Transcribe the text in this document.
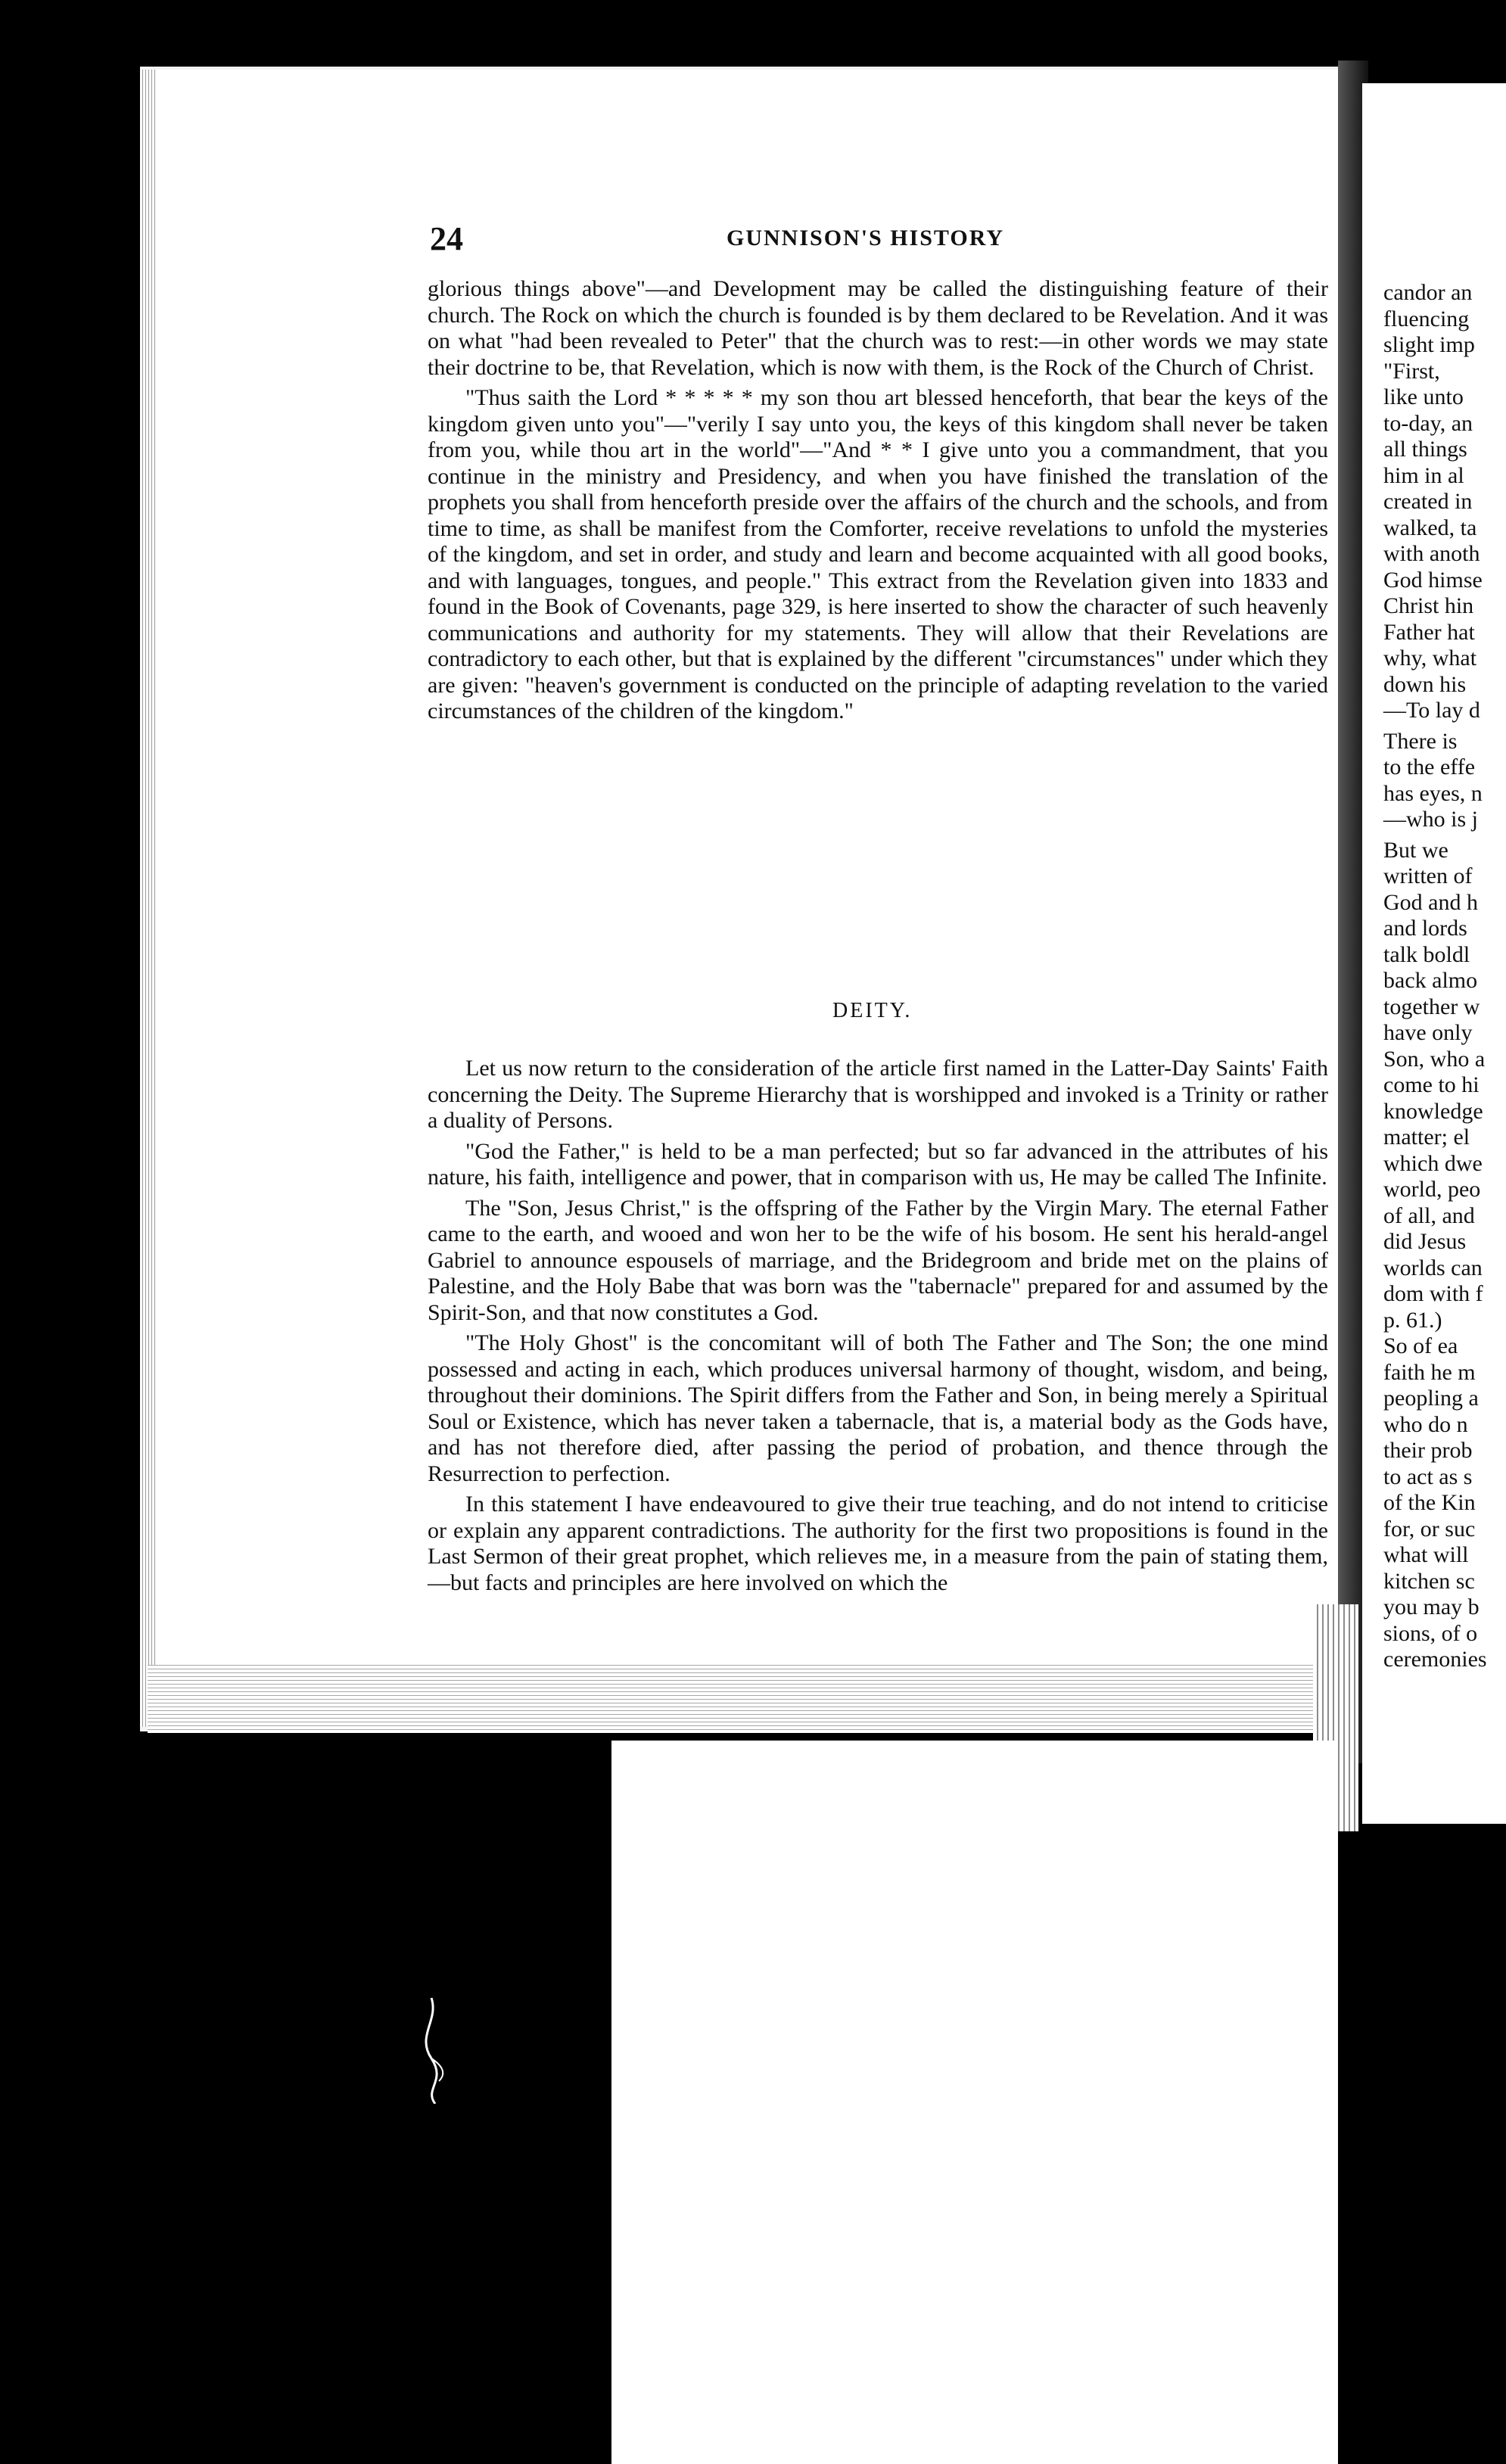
candor an
fluencing
slight imp
"First,
like unto
to-day, an
all things
him in al
created in
walked, ta
with anoth
God himse
Christ hin
Father hat
why, what
down his
—To lay d
There is
to the effe
has eyes, n
—who is j
But we
written of
God and h
and lords
talk boldl
back almo
together w
have only
Son, who a
come to hi
knowledge
matter; el
which dwe
world, peo
of all, and
did Jesus
worlds can
dom with f
p. 61.)
So of ea
faith he m
peopling a
who do n
their prob
to act as s
of the Kin
for, or suc
what will
kitchen sc
you may b
sions, of o
ceremonies
24	GUNNISON'S HISTORY

glorious things above"—and Development may be called the distinguishing feature of their church. The Rock on which the church is founded is by them declared to be Revelation. And it was on what "had been revealed to Peter" that the church was to rest:—in other words we may state their doctrine to be, that Revelation, which is now with them, is the Rock of the Church of Christ.

"Thus saith the Lord * * * * * my son thou art blessed henceforth, that bear the keys of the kingdom given unto you"—"verily I say unto you, the keys of this kingdom shall never be taken from you, while thou art in the world"—"And * * I give unto you a commandment, that you continue in the ministry and Presidency, and when you have finished the translation of the prophets you shall from henceforth preside over the affairs of the church and the schools, and from time to time, as shall be manifest from the Comforter, receive revelations to unfold the mysteries of the kingdom, and set in order, and study and learn and become acquainted with all good books, and with languages, tongues, and people." This extract from the Revelation given into 1833 and found in the Book of Covenants, page 329, is here inserted to show the character of such heavenly communications and authority for my statements. They will allow that their Revelations are contradictory to each other, but that is explained by the different "circumstances" under which they are given: "heaven's government is conducted on the principle of adapting revelation to the varied circumstances of the children of the kingdom."

DEITY.

Let us now return to the consideration of the article first named in the Latter-Day Saints' Faith concerning the Deity. The Supreme Hierarchy that is worshipped and invoked is a Trinity or rather a duality of Persons.

"God the Father," is held to be a man perfected; but so far advanced in the attributes of his nature, his faith, intelligence and power, that in comparison with us, He may be called The Infinite.

The "Son, Jesus Christ," is the offspring of the Father by the Virgin Mary. The eternal Father came to the earth, and wooed and won her to be the wife of his bosom. He sent his herald-angel Gabriel to announce espousels of marriage, and the Bridegroom and bride met on the plains of Palestine, and the Holy Babe that was born was the "tabernacle" prepared for and assumed by the Spirit-Son, and that now constitutes a God.

"The Holy Ghost" is the concomitant will of both The Father and The Son; the one mind possessed and acting in each, which produces universal harmony of thought, wisdom, and being, throughout their dominions. The Spirit differs from the Father and Son, in being merely a Spiritual Soul or Existence, which has never taken a tabernacle, that is, a material body as the Gods have, and has not therefore died, after passing the period of probation, and thence through the Resurrection to perfection.

In this statement I have endeavoured to give their true teaching, and do not intend to criticise or explain any apparent contradictions. The authority for the first two propositions is found in the Last Sermon of their great prophet, which relieves me, in a measure from the pain of stating them,—but facts and principles are here involved on which the
